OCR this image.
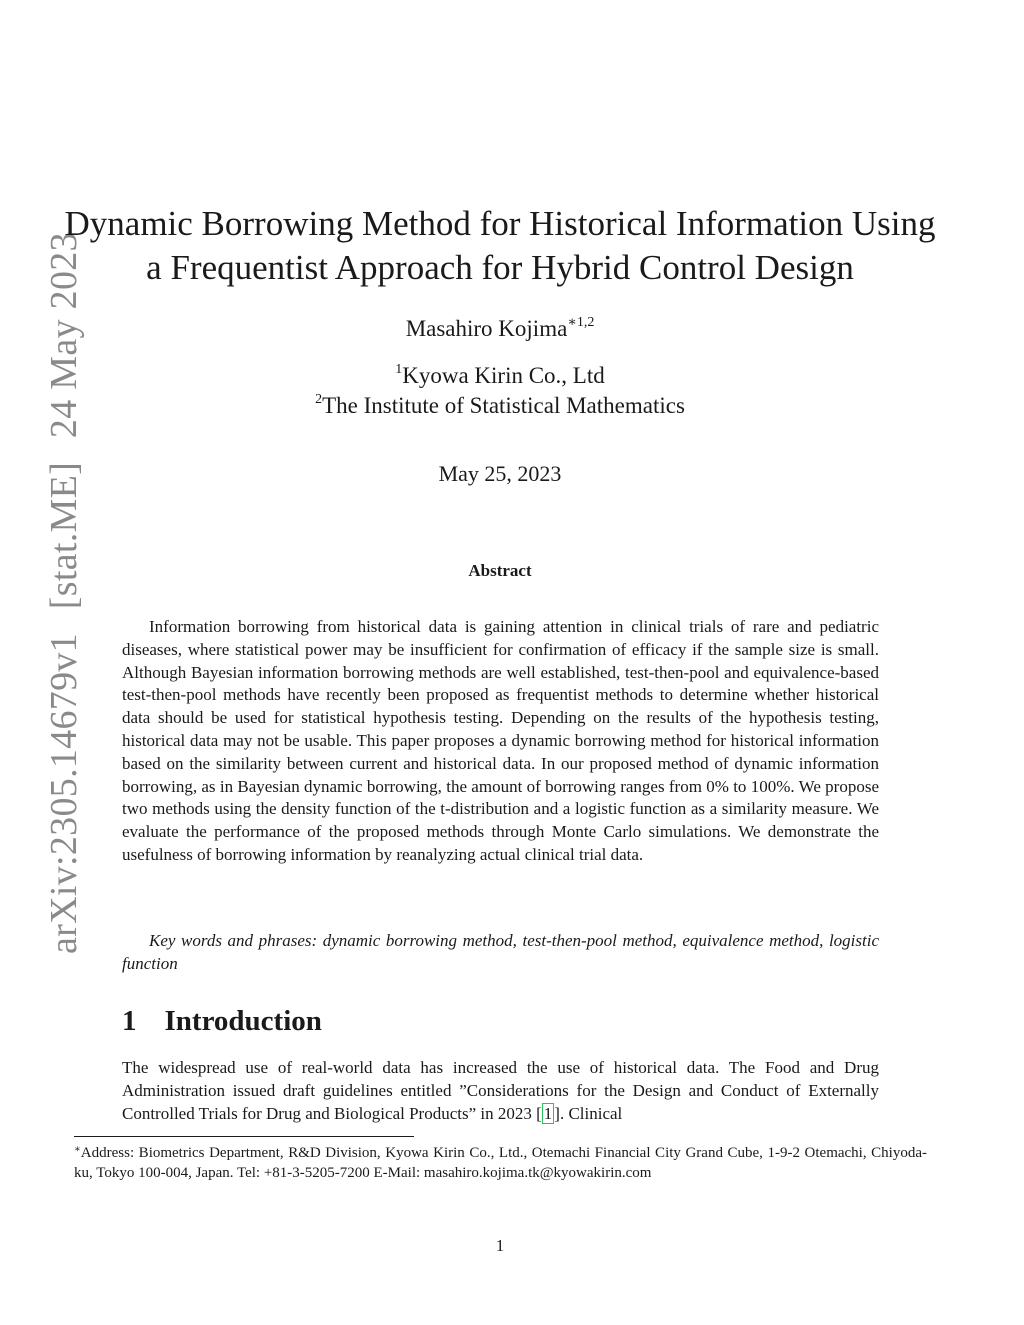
arXiv:2305.14679v1 [stat.ME] 24 May 2023
Dynamic Borrowing Method for Historical Information Using
a Frequentist Approach for Hybrid Control Design
Masahiro Kojima$^{∗1,2}$
$^1$Kyowa Kirin Co., Ltd
$^2$The Institute of Statistical Mathematics
May 25, 2023
Abstract

Information borrowing from historical data is gaining attention in clinical trials of rare and pediatric diseases, where statistical power may be insufficient for confirmation of efficacy if the sample size is small. Although Bayesian information borrowing methods are well established, test-then-pool and equivalence-based test-then-pool methods have recently been proposed as frequentist methods to determine whether historical data should be used for statistical hypothesis testing. Depending on the results of the hypothesis testing, historical data may not be usable. This paper proposes a dynamic borrowing method for historical information based on the similarity between current and historical data. In our proposed method of dynamic information borrowing, as in Bayesian dynamic borrowing, the amount of borrowing ranges from 0% to 100%. We propose two methods using the density function of the t-distribution and a logistic function as a similarity measure. We evaluate the performance of the proposed methods through Monte Carlo simulations. We demonstrate the usefulness of borrowing information by reanalyzing actual clinical trial data.

Key words and phrases: dynamic borrowing method, test-then-pool method, equivalence method, logistic function

1 Introduction

The widespread use of real-world data has increased the use of historical data. The Food and Drug Administration issued draft guidelines entitled ”Considerations for the Design and Conduct of Externally Controlled Trials for Drug and Biological Products” in 2023 [ 1 ]. Clinical

∗Address: Biometrics Department, R&D Division, Kyowa Kirin Co., Ltd., Otemachi Financial City Grand Cube, 1-9-2 Otemachi, Chiyoda-ku, Tokyo 100-004, Japan. Tel: +81-3-5205-7200 E-Mail: masahiro.kojima.tk@kyowakirin.com

1
